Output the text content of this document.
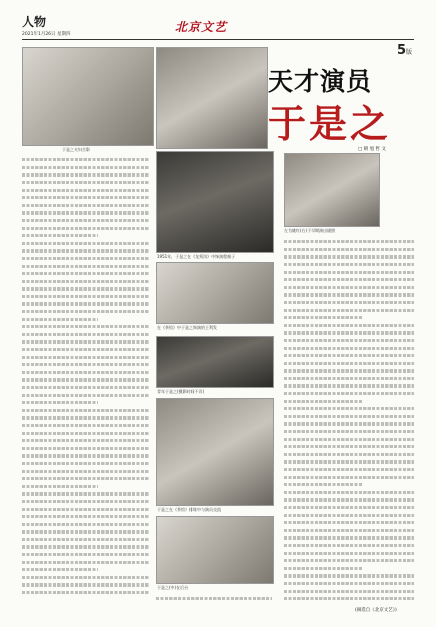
人物
2021年1月26日 星期四
北京文艺
5版
于是之夫妇合影
天才演员
于是之
□ 朝 旭 哲 文
左为姚红(右)于早期演出剧照
1951年，于是之在《龙须沟》中饰演程疯子
在《茶馆》中于是之饰演的王利发
青年于是之(摄影时间不详)
于是之在《茶馆》排练中与演员交流
于是之(中)在后台
(摘选自《北京文艺》)
